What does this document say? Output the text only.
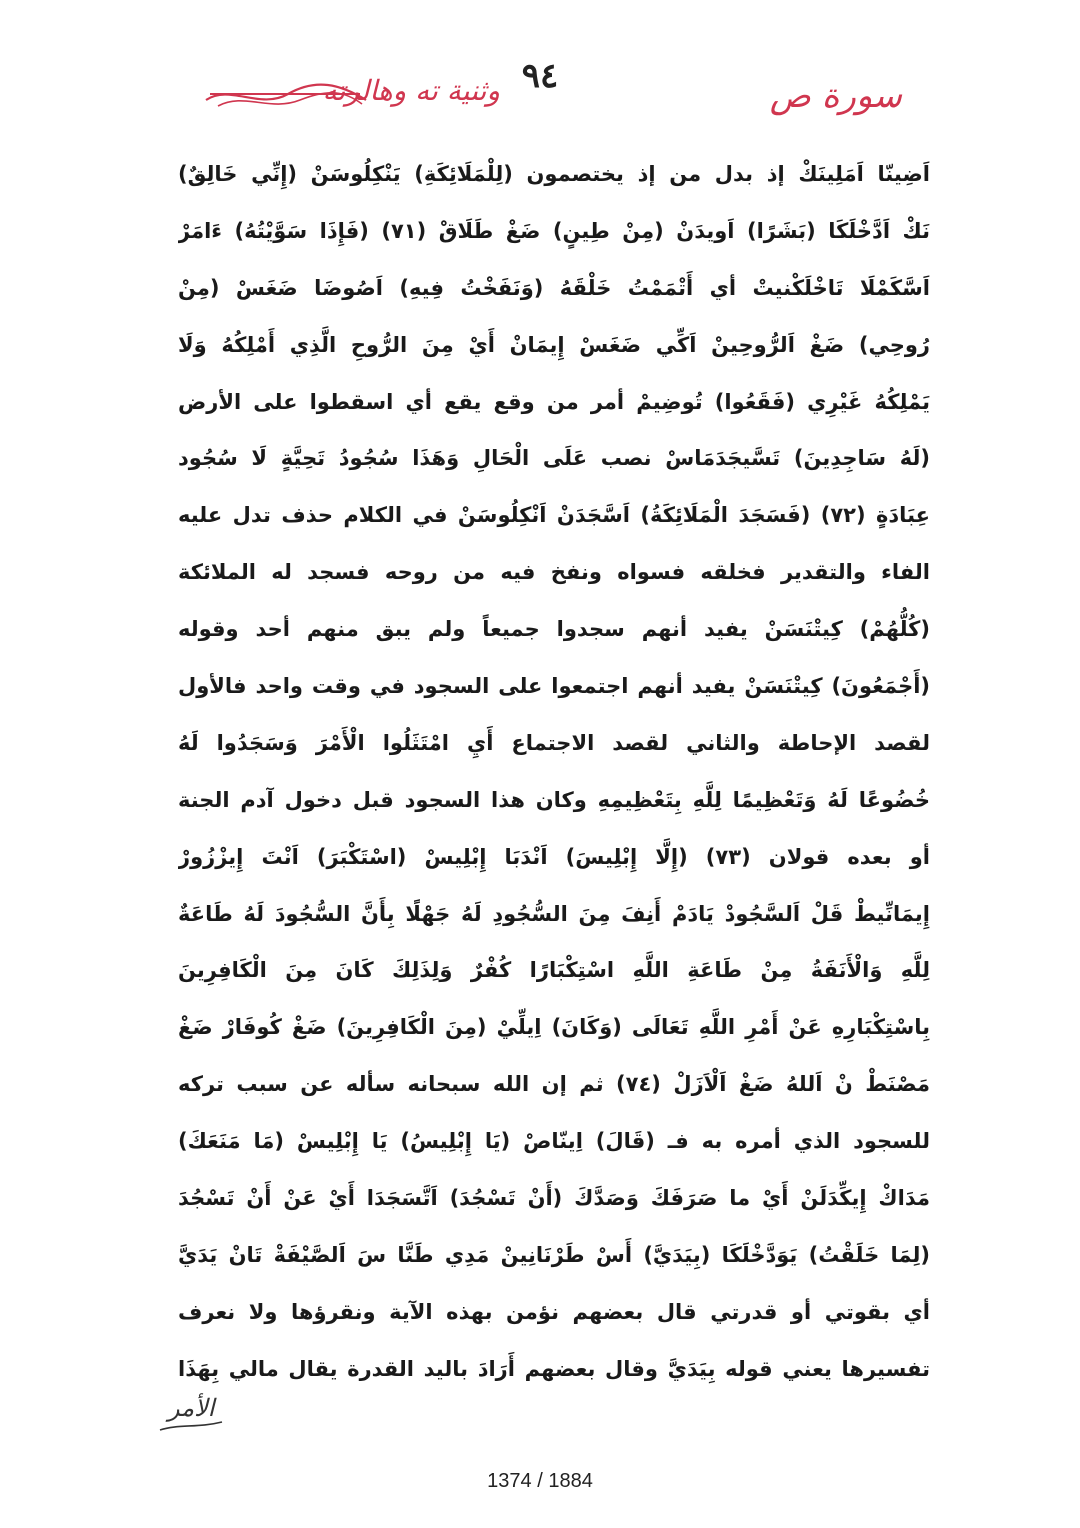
٩٤
وثنية ته وهالرته	سورة ص
اَضِينّا اَمَلِينَكْ إذ بدل من إذ يختصمون (لِلْمَلَائِكَةِ) يَنْكِلُوسَنْ (إِنِّي خَالِقٌ)
نَكْ اَدَّخْلَكَا (بَشَرًا) اَويدَنْ (مِنْ طِينٍ) ضَغْ طَلَاقْ (٧١) (فَإِذَا سَوَّيْتُهُ) ءَامَرْ
اَسَّكَمْلَا تَاخْلَكْنيتْ أي أَتْمَمْتُ خَلْقَهُ (وَنَفَخْتُ فِيهِ) اَصُوضَا ضَغَسْ (مِنْ
رُوحِي) ضَغْ اَلرُّوحِينْ اَكِّي ضَغَسْ إِيمَانْ أَيْ مِنَ الرُّوحِ الَّذِي أَمْلِكُهُ وَلَا
يَمْلِكُهُ غَيْرِي (فَقَعُوا) تُوضِيمْ أمر من وقع يقع أي اسقطوا على الأرض
(لَهُ سَاجِدِينَ) تَسَّيجَدَمَاسْ نصب عَلَى الْحَالِ وَهَذَا سُجُودُ تَحِيَّةٍ لَا سُجُود
عِبَادَةٍ (٧٢) (فَسَجَدَ الْمَلَائِكَةُ) اَسَّجَدَنْ اَنْكِلُوسَنْ في الكلام حذف تدل عليه
الفاء والتقدير فخلقه فسواه ونفخ فيه من روحه فسجد له الملائكة
(كُلُّهُمْ) كِيتْنَسَنْ يفيد أنهم سجدوا جميعاً ولم يبق منهم أحد وقوله
(أَجْمَعُونَ) كِيتْنَسَنْ يفيد أنهم اجتمعوا على السجود في وقت واحد فالأول
لقصد الإحاطة والثاني لقصد الاجتماع أَيِ امْتَثَلُوا الْأَمْرَ وَسَجَدُوا لَهُ
خُضُوعًا لَهُ وَتَعْظِيمًا لِلَّهِ بِتَعْظِيمِهِ وكان هذا السجود قبل دخول آدم الجنة
أو بعده قولان (٧٣) (إِلَّا إِبْلِيسَ) اَنْدَبَا إِبْلِيسْ (اسْتَكْبَرَ) اَنْتَ إِيزْزُورْ
إِيمَانِّيطْ قَلْ اَلسَّجُودْ يَادَمْ أَنِفَ مِنَ السُّجُودِ لَهُ جَهْلًا بِأَنَّ السُّجُودَ لَهُ طَاعَةٌ
لِلَّهِ وَالْأَنَفَةُ مِنْ طَاعَةِ اللَّهِ اسْتِكْبَارًا كُفْرٌ وَلِذَلِكَ كَانَ مِنَ الْكَافِرِينَ
بِاسْتِكْبَارِهِ عَنْ أَمْرِ اللَّهِ تَعَالَى (وَكَانَ) اِيلِّيْ (مِنَ الْكَافِرِينَ) ضَغْ كُوفَارْ ضَغْ
مَصْنَطْ نْ اَللهُ ضَغْ اَلْاَزَلْ (٧٤) ثم إن الله سبحانه سأله عن سبب تركه
للسجود الذي أمره به فـ (قَالَ) اِينّاصْ (يَا إِبْلِيسُ) يَا إِبْلِيسْ (مَا مَنَعَكَ)
مَدَاكْ إِيكِّدَلَنْ أَيْ ما صَرَفَكَ وَصَدَّكَ (أَنْ تَسْجُدَ) اَتَّسَجَدَا أَيْ عَنْ أَنْ تَسْجُدَ
(لِمَا خَلَقْتُ) يَوَدَّخْلَكَا (بِيَدَيَّ) أَسْ طَرْنَانِينْ مَدِي طَنَّا سَ اَلصَّيْفَةْ تَانْ يَدَيَّ
أي بقوتي أو قدرتي قال بعضهم نؤمن بهذه الآية ونقرؤها ولا نعرف
تفسيرها يعني قوله بِيَدَيَّ وقال بعضهم أَرَادَ باليد القدرة يقال مالي بِهَذَا
الأمر
1374 / 1884
